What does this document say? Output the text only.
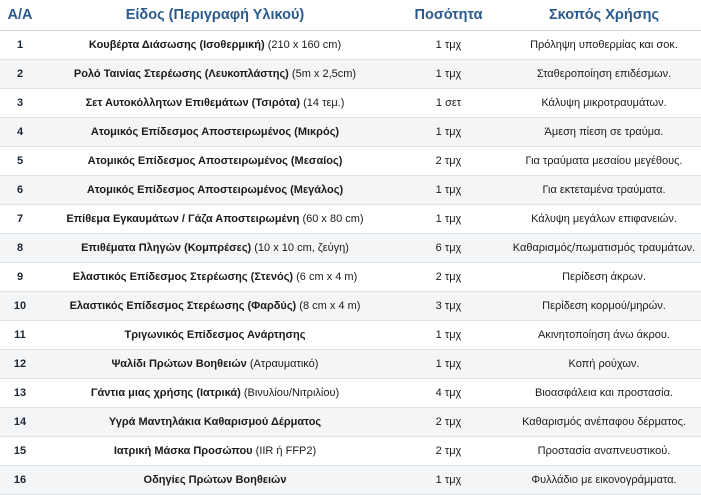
Α/Α	Είδος (Περιγραφή Υλικού)	Ποσότητα	Σκοπός Χρήσης
1	Κουβέρτα Διάσωσης (Ισοθερμική) (210 x 160 cm)	1 τμχ	Πρόληψη υποθερμίας και σοκ.
2	Ρολό Ταινίας Στερέωσης (Λευκοπλάστης) (5m x 2,5cm)	1 τμχ	Σταθεροποίηση επιδέσμων.
3	Σετ Αυτοκόλλητων Επιθεμάτων (Τσιρότα) (14 τεμ.)	1 σετ	Κάλυψη μικροτραυμάτων.
4	Ατομικός Επίδεσμος Αποστειρωμένος (Μικρός)	1 τμχ	Άμεση πίεση σε τραύμα.
5	Ατομικός Επίδεσμος Αποστειρωμένος (Μεσαίος)	2 τμχ	Για τραύματα μεσαίου μεγέθους.
6	Ατομικός Επίδεσμος Αποστειρωμένος (Μεγάλος)	1 τμχ	Για εκτεταμένα τραύματα.
7	Επίθεμα Εγκαυμάτων / Γάζα Αποστειρωμένη (60 x 80 cm)	1 τμχ	Κάλυψη μεγάλων επιφανειών.
8	Επιθέματα Πληγών (Κομπρέσες) (10 x 10 cm, ζεύγη)	6 τμχ	Καθαρισμός/πωματισμός τραυμάτων.
9	Ελαστικός Επίδεσμος Στερέωσης (Στενός) (6 cm x 4 m)	2 τμχ	Περίδεση άκρων.
10	Ελαστικός Επίδεσμος Στερέωσης (Φαρδύς) (8 cm x 4 m)	3 τμχ	Περίδεση κορμού/μηρών.
11	Τριγωνικός Επίδεσμος Ανάρτησης	1 τμχ	Ακινητοποίηση άνω άκρου.
12	Ψαλίδι Πρώτων Βοηθειών (Ατραυματικό)	1 τμχ	Κοπή ρούχων.
13	Γάντια μιας χρήσης (Ιατρικά) (Βινυλίου/Νιτριλίου)	4 τμχ	Βιοασφάλεια και προστασία.
14	Υγρά Μαντηλάκια Καθαρισμού Δέρματος	2 τμχ	Καθαρισμός ανέπαφου δέρματος.
15	Ιατρική Μάσκα Προσώπου (IIR ή FFP2)	2 τμχ	Προστασία αναπνευστικού.
16	Οδηγίες Πρώτων Βοηθειών	1 τμχ	Φυλλάδιο με εικονογράμματα.
